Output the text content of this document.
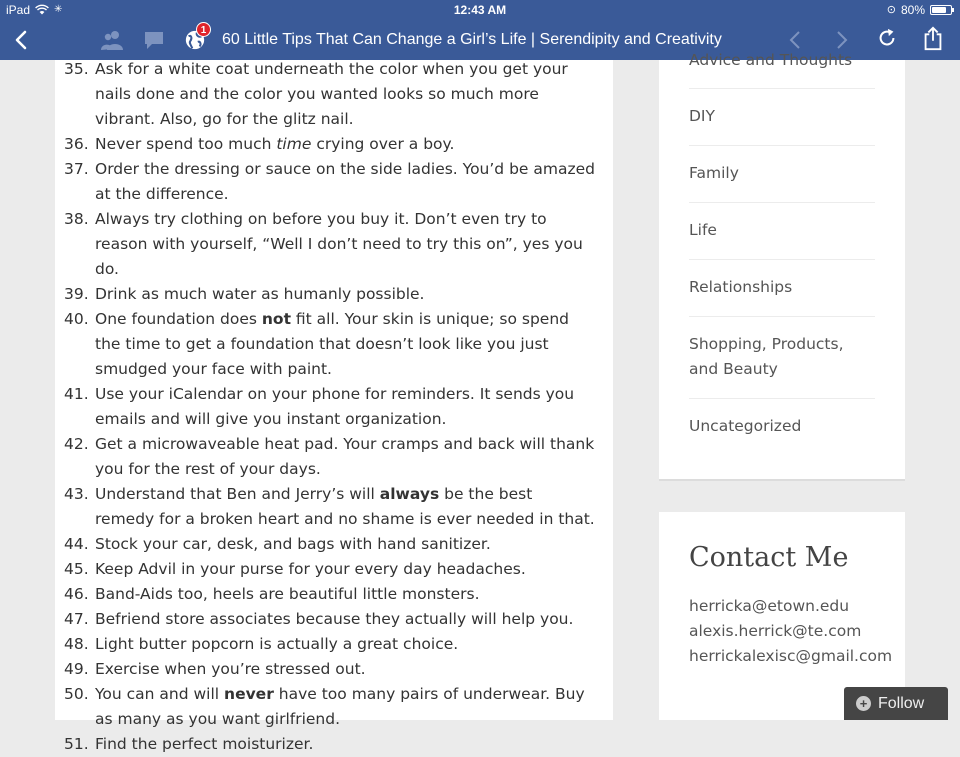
iPad ✳	12:43 AM	⊙ 80%
1
60 Little Tips That Can Change a Girl’s Life | Serendipity and Creativity
35. Ask for a white coat underneath the color when you get your nails done and the color you wanted looks so much more vibrant. Also, go for the glitz nail.
36. Never spend too much time crying over a boy.
37. Order the dressing or sauce on the side ladies. You’d be amazed at the difference.
38. Always try clothing on before you buy it. Don’t even try to reason with yourself, “Well I don’t need to try this on”, yes you do.
39. Drink as much water as humanly possible.
40. One foundation does not fit all. Your skin is unique; so spend the time to get a foundation that doesn’t look like you just smudged your face with paint.
41. Use your iCalendar on your phone for reminders. It sends you emails and will give you instant organization.
42. Get a microwaveable heat pad. Your cramps and back will thank you for the rest of your days.
43. Understand that Ben and Jerry’s will always be the best remedy for a broken heart and no shame is ever needed in that.
44. Stock your car, desk, and bags with hand sanitizer.
45. Keep Advil in your purse for your every day headaches.
46. Band-Aids too, heels are beautiful little monsters.
47. Befriend store associates because they actually will help you.
48. Light butter popcorn is actually a great choice.
49. Exercise when you’re stressed out.
50. You can and will never have too many pairs of underwear. Buy as many as you want girlfriend.
51. Find the perfect moisturizer.
Advice and Thoughts
DIY
Family
Life
Relationships
Shopping, Products, and Beauty
Uncategorized
Contact Me
herricka@etown.edu
alexis.herrick@te.com
herrickalexisc@gmail.com
+ Follow
